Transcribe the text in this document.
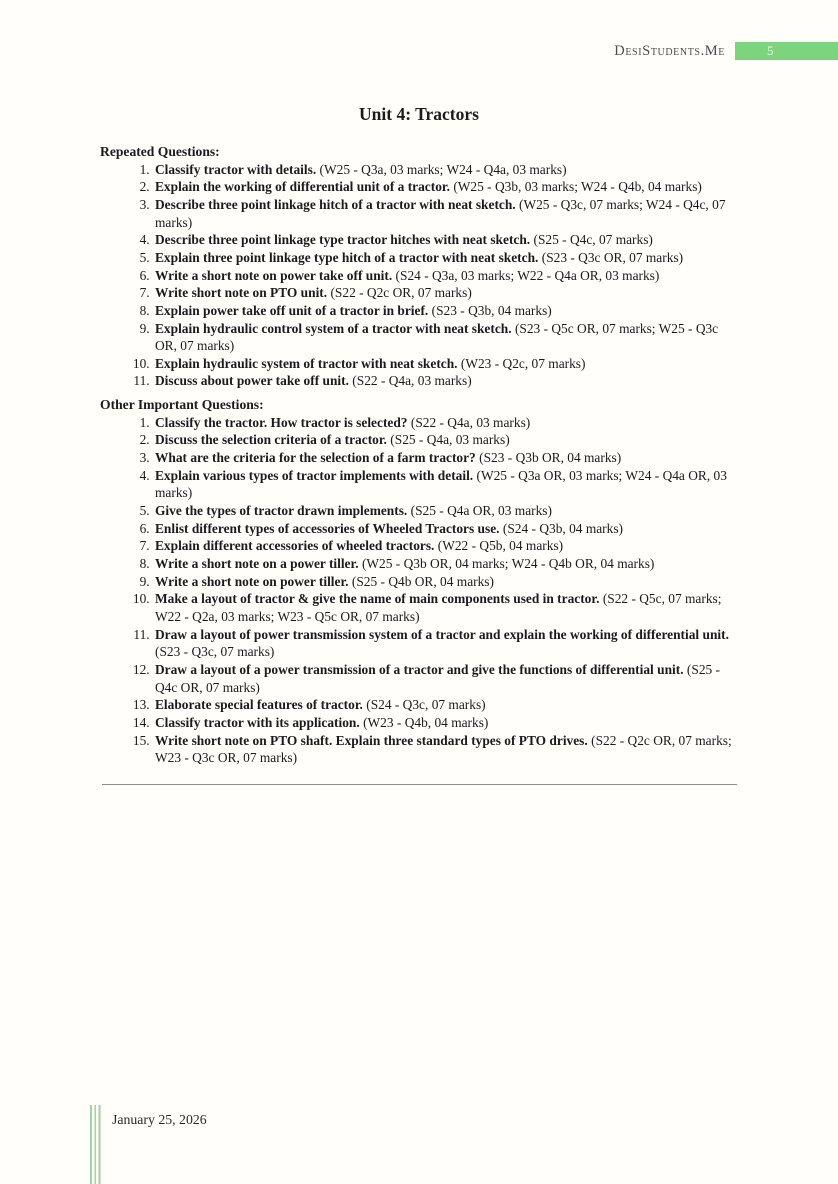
DesiStudents.Me	5
Unit 4: Tractors
Repeated Questions:
1. Classify tractor with details. (W25 - Q3a, 03 marks; W24 - Q4a, 03 marks)
2. Explain the working of differential unit of a tractor. (W25 - Q3b, 03 marks; W24 - Q4b, 04 marks)
3. Describe three point linkage hitch of a tractor with neat sketch. (W25 - Q3c, 07 marks; W24 - Q4c, 07 marks)
4. Describe three point linkage type tractor hitches with neat sketch. (S25 - Q4c, 07 marks)
5. Explain three point linkage type hitch of a tractor with neat sketch. (S23 - Q3c OR, 07 marks)
6. Write a short note on power take off unit. (S24 - Q3a, 03 marks; W22 - Q4a OR, 03 marks)
7. Write short note on PTO unit. (S22 - Q2c OR, 07 marks)
8. Explain power take off unit of a tractor in brief. (S23 - Q3b, 04 marks)
9. Explain hydraulic control system of a tractor with neat sketch. (S23 - Q5c OR, 07 marks; W25 - Q3c OR, 07 marks)
10. Explain hydraulic system of tractor with neat sketch. (W23 - Q2c, 07 marks)
11. Discuss about power take off unit. (S22 - Q4a, 03 marks)
Other Important Questions:
1. Classify the tractor. How tractor is selected? (S22 - Q4a, 03 marks)
2. Discuss the selection criteria of a tractor. (S25 - Q4a, 03 marks)
3. What are the criteria for the selection of a farm tractor? (S23 - Q3b OR, 04 marks)
4. Explain various types of tractor implements with detail. (W25 - Q3a OR, 03 marks; W24 - Q4a OR, 03 marks)
5. Give the types of tractor drawn implements. (S25 - Q4a OR, 03 marks)
6. Enlist different types of accessories of Wheeled Tractors use. (S24 - Q3b, 04 marks)
7. Explain different accessories of wheeled tractors. (W22 - Q5b, 04 marks)
8. Write a short note on a power tiller. (W25 - Q3b OR, 04 marks; W24 - Q4b OR, 04 marks)
9. Write a short note on power tiller. (S25 - Q4b OR, 04 marks)
10. Make a layout of tractor & give the name of main components used in tractor. (S22 - Q5c, 07 marks; W22 - Q2a, 03 marks; W23 - Q5c OR, 07 marks)
11. Draw a layout of power transmission system of a tractor and explain the working of differential unit. (S23 - Q3c, 07 marks)
12. Draw a layout of a power transmission of a tractor and give the functions of differential unit. (S25 - Q4c OR, 07 marks)
13. Elaborate special features of tractor. (S24 - Q3c, 07 marks)
14. Classify tractor with its application. (W23 - Q4b, 04 marks)
15. Write short note on PTO shaft. Explain three standard types of PTO drives. (S22 - Q2c OR, 07 marks; W23 - Q3c OR, 07 marks)
January 25, 2026
